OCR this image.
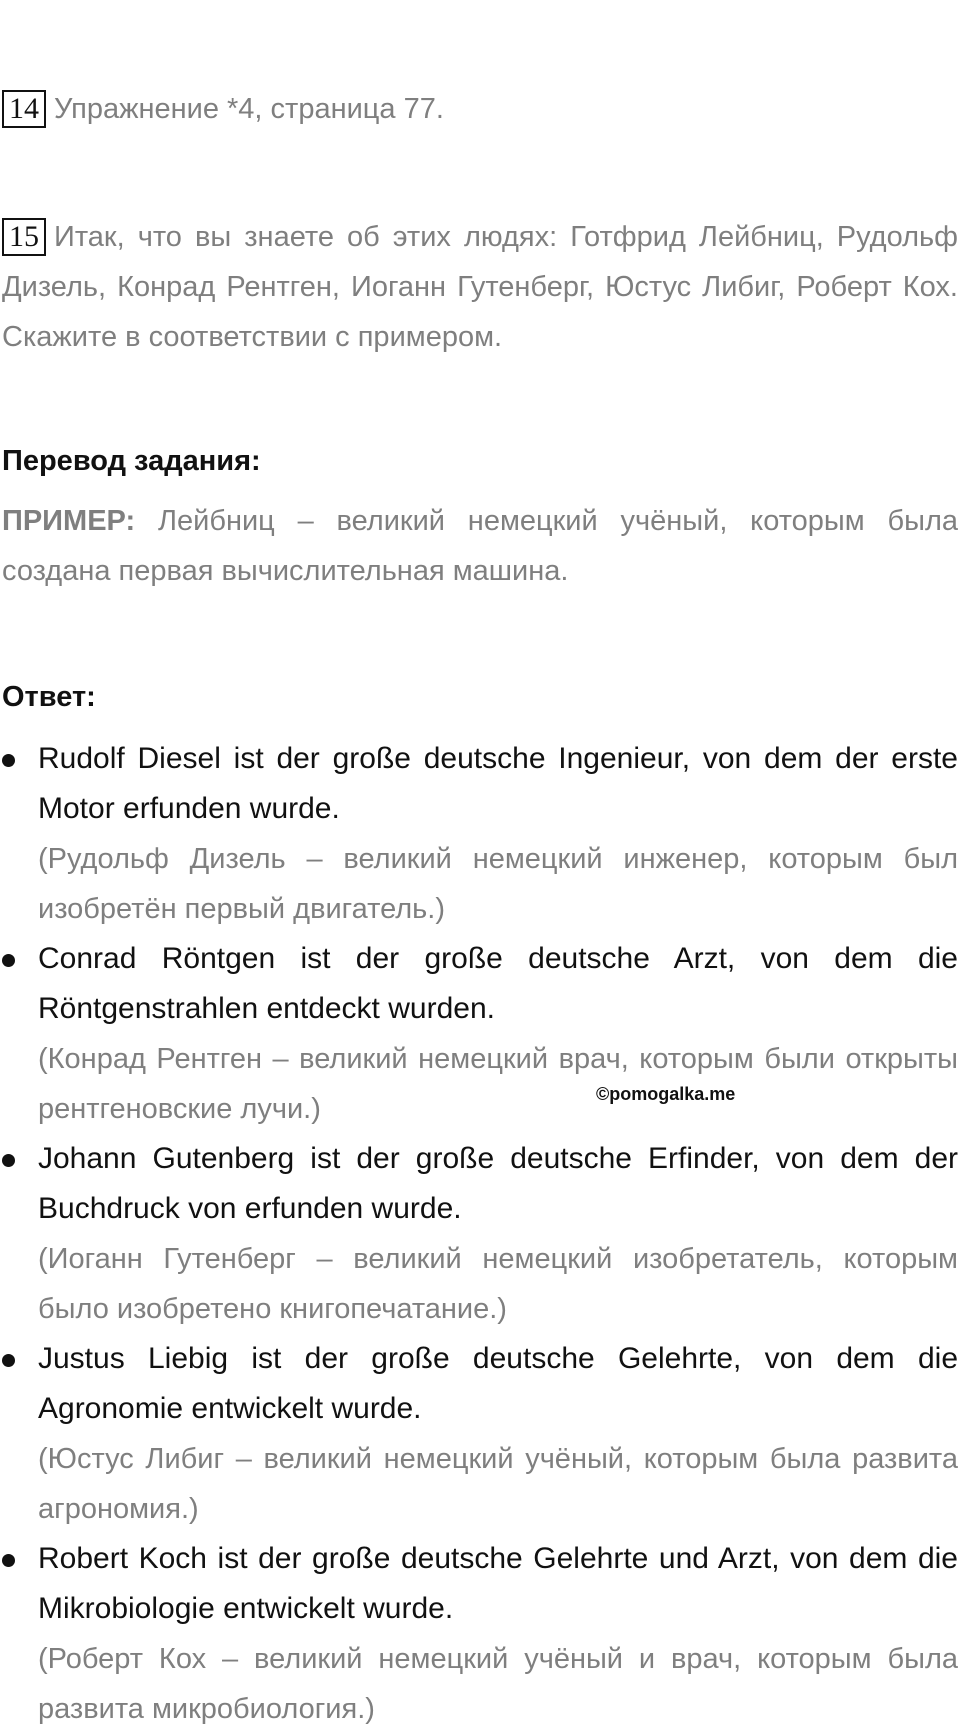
14 Упражнение *4, страница 77.
15 Итак, что вы знаете об этих людях: Готфрид Лейбниц, Рудольф Дизель, Конрад Рентген, Иоганн Гутенберг, Юстус Либиг, Роберт Кох. Скажите в соответствии с примером.
Перевод задания:
ПРИМЕР: Лейбниц – великий немецкий учёный, которым была создана первая вычислительная машина.
Ответ:
Rudolf Diesel ist der große deutsche Ingenieur, von dem der erste Motor erfunden wurde.
(Рудольф Дизель – великий немецкий инженер, которым был изобретён первый двигатель.)
Conrad Röntgen ist der große deutsche Arzt, von dem die Röntgenstrahlen entdeckt wurden.
(Конрад Рентген – великий немецкий врач, которым были открыты рентгеновские лучи.)
Johann Gutenberg ist der große deutsche Erfinder, von dem der Buchdruck von erfunden wurde.
(Иоганн Гутенберг – великий немецкий изобретатель, которым было изобретено книгопечатание.)
Justus Liebig ist der große deutsche Gelehrte, von dem die Agronomie entwickelt wurde.
(Юстус Либиг – великий немецкий учёный, которым была развита агрономия.)
Robert Koch ist der große deutsche Gelehrte und Arzt, von dem die Mikrobiologie entwickelt wurde.
(Роберт Кох – великий немецкий учёный и врач, которым была развита микробиология.)
©pomogalka.me
